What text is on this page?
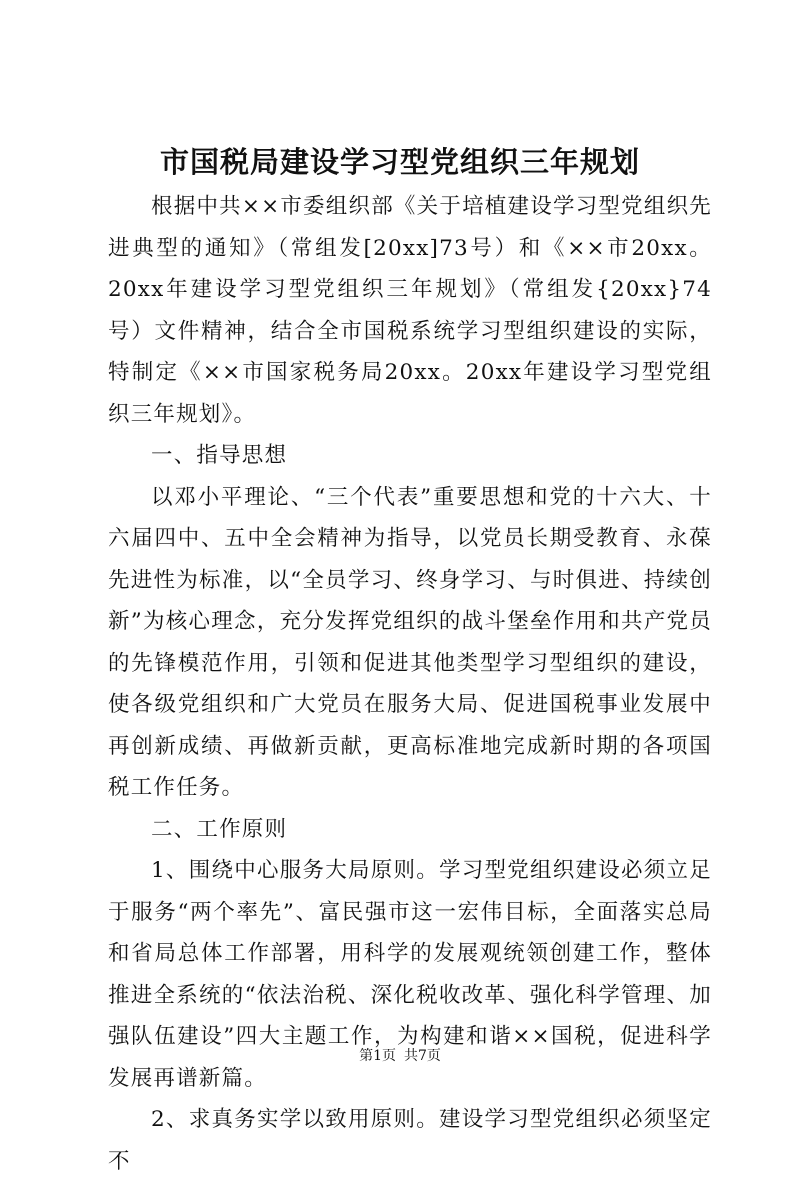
市国税局建设学习型党组织三年规划

根据中共××市委组织部《关于培植建设学习型党组织先进典型的通知》（常组发[20xx]73号）和《××市20xx。20xx年建设学习型党组织三年规划》（常组发{20xx}74号）文件精神，结合全市国税系统学习型组织建设的实际，特制定《××市国家税务局20xx。20xx年建设学习型党组织三年规划》。

一、指导思想

以邓小平理论、“三个代表”重要思想和党的十六大、十六届四中、五中全会精神为指导，以党员长期受教育、永葆先进性为标准，以“全员学习、终身学习、与时俱进、持续创新”为核心理念，充分发挥党组织的战斗堡垒作用和共产党员的先锋模范作用，引领和促进其他类型学习型组织的建设，使各级党组织和广大党员在服务大局、促进国税事业发展中再创新成绩、再做新贡献，更高标准地完成新时期的各项国税工作任务。

二、工作原则

1、围绕中心服务大局原则。学习型党组织建设必须立足于服务“两个率先”、富民强市这一宏伟目标，全面落实总局和省局总体工作部署，用科学的发展观统领创建工作，整体推进全系统的“依法治税、深化税收改革、强化科学管理、加强队伍建设”四大主题工作，为构建和谐××国税，促进科学发展再谱新篇。

2、求真务实学以致用原则。建设学习型党组织必须坚定不

第1页 共7页
